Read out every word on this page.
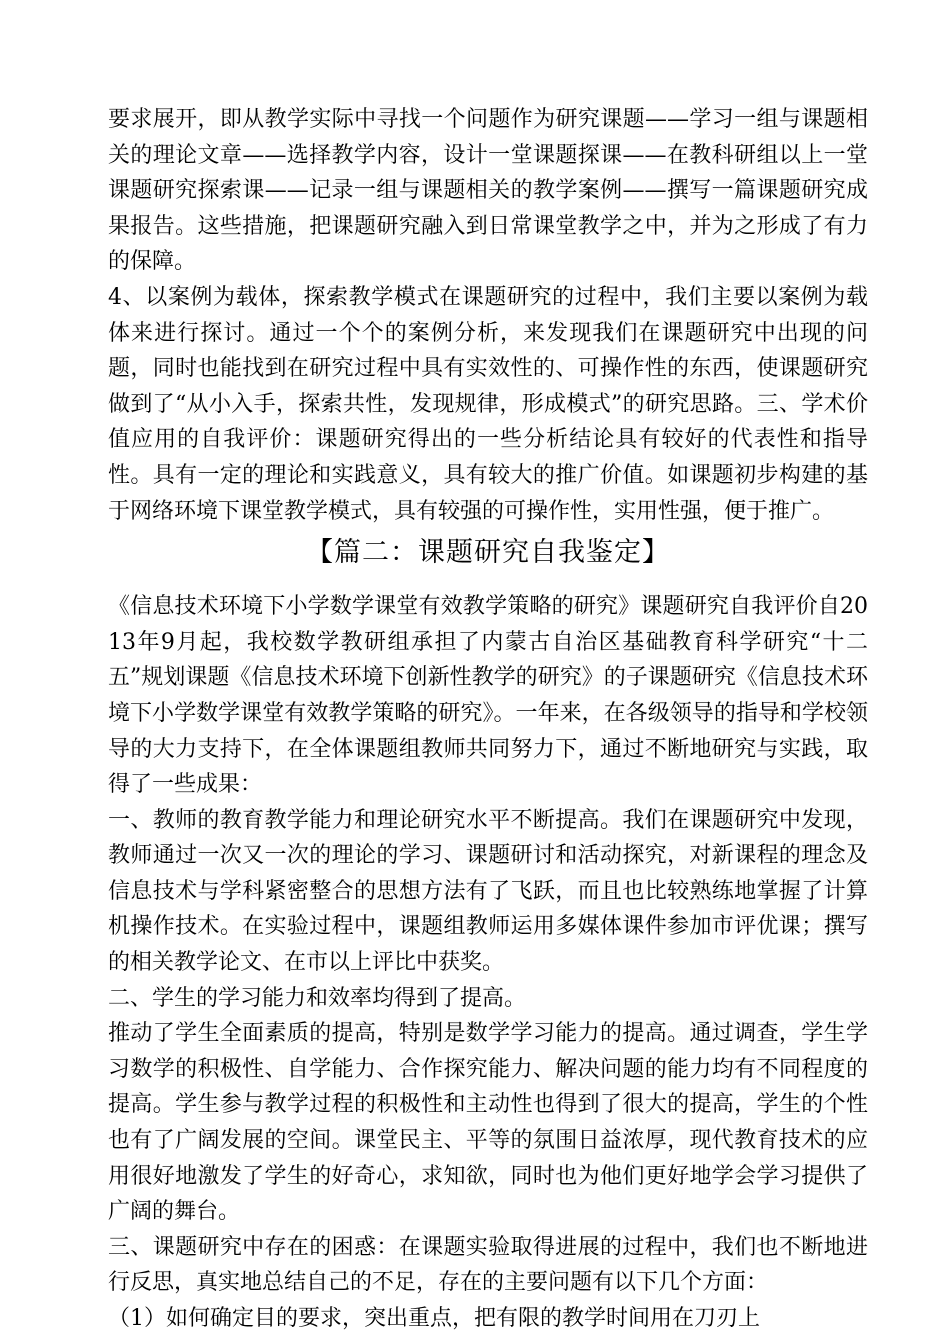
要求展开，即从教学实际中寻找一个问题作为研究课题——学习一组与课题相关的理论文章——选择教学内容，设计一堂课题探课——在教科研组以上一堂课题研究探索课——记录一组与课题相关的教学案例——撰写一篇课题研究成果报告。这些措施，把课题研究融入到日常课堂教学之中，并为之形成了有力的保障。

4、以案例为载体，探索教学模式在课题研究的过程中，我们主要以案例为载体来进行探讨。通过一个个的案例分析，来发现我们在课题研究中出现的问题，同时也能找到在研究过程中具有实效性的、可操作性的东西，使课题研究做到了“从小入手，探索共性，发现规律，形成模式”的研究思路。三、学术价值应用的自我评价：课题研究得出的一些分析结论具有较好的代表性和指导性。具有一定的理论和实践意义，具有较大的推广价值。如课题初步构建的基于网络环境下课堂教学模式，具有较强的可操作性，实用性强，便于推广。

【篇二：课题研究自我鉴定】

《信息技术环境下小学数学课堂有效教学策略的研究》课题研究自我评价自2013年9月起，我校数学教研组承担了内蒙古自治区基础教育科学研究“十二五”规划课题《信息技术环境下创新性教学的研究》的子课题研究《信息技术环境下小学数学课堂有效教学策略的研究》。一年来，在各级领导的指导和学校领导的大力支持下，在全体课题组教师共同努力下，通过不断地研究与实践，取得了一些成果：

一、教师的教育教学能力和理论研究水平不断提高。我们在课题研究中发现，教师通过一次又一次的理论的学习、课题研讨和活动探究，对新课程的理念及信息技术与学科紧密整合的思想方法有了飞跃，而且也比较熟练地掌握了计算机操作技术。在实验过程中，课题组教师运用多媒体课件参加市评优课；撰写的相关教学论文、在市以上评比中获奖。

二、学生的学习能力和效率均得到了提高。

推动了学生全面素质的提高，特别是数学学习能力的提高。通过调查，学生学习数学的积极性、自学能力、合作探究能力、解决问题的能力均有不同程度的提高。学生参与教学过程的积极性和主动性也得到了很大的提高，学生的个性也有了广阔发展的空间。课堂民主、平等的氛围日益浓厚，现代教育技术的应用很好地激发了学生的好奇心，求知欲，同时也为他们更好地学会学习提供了广阔的舞台。

三、课题研究中存在的困惑：在课题实验取得进展的过程中，我们也不断地进行反思，真实地总结自己的不足，存在的主要问题有以下几个方面：

（1）如何确定目的要求，突出重点，把有限的教学时间用在刀刃上
